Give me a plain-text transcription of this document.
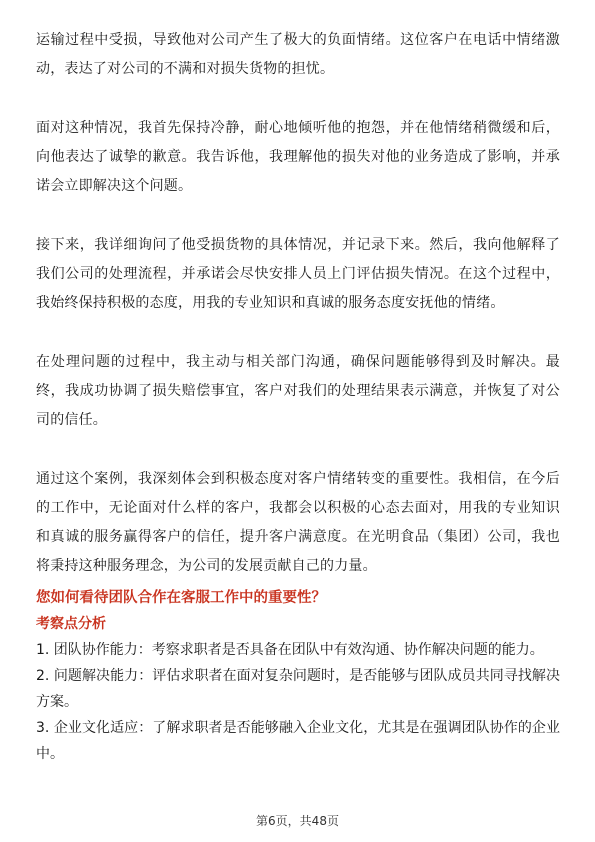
运输过程中受损，导致他对公司产生了极大的负面情绪。这位客户在电话中情绪激动，表达了对公司的不满和对损失货物的担忧。

面对这种情况，我首先保持冷静，耐心地倾听他的抱怨，并在他情绪稍微缓和后，向他表达了诚挚的歉意。我告诉他，我理解他的损失对他的业务造成了影响，并承诺会立即解决这个问题。

接下来，我详细询问了他受损货物的具体情况，并记录下来。然后，我向他解释了我们公司的处理流程，并承诺会尽快安排人员上门评估损失情况。在这个过程中，我始终保持积极的态度，用我的专业知识和真诚的服务态度安抚他的情绪。

在处理问题的过程中，我主动与相关部门沟通，确保问题能够得到及时解决。最终，我成功协调了损失赔偿事宜，客户对我们的处理结果表示满意，并恢复了对公司的信任。

通过这个案例，我深刻体会到积极态度对客户情绪转变的重要性。我相信，在今后的工作中，无论面对什么样的客户，我都会以积极的心态去面对，用我的专业知识和真诚的服务赢得客户的信任，提升客户满意度。在光明食品（集团）公司，我也将秉持这种服务理念，为公司的发展贡献自己的力量。

您如何看待团队合作在客服工作中的重要性？
考察点分析
1. 团队协作能力：考察求职者是否具备在团队中有效沟通、协作解决问题的能力。
2. 问题解决能力：评估求职者在面对复杂问题时，是否能够与团队成员共同寻找解决方案。
3. 企业文化适应：了解求职者是否能够融入企业文化，尤其是在强调团队协作的企业中。
第6页，共48页
